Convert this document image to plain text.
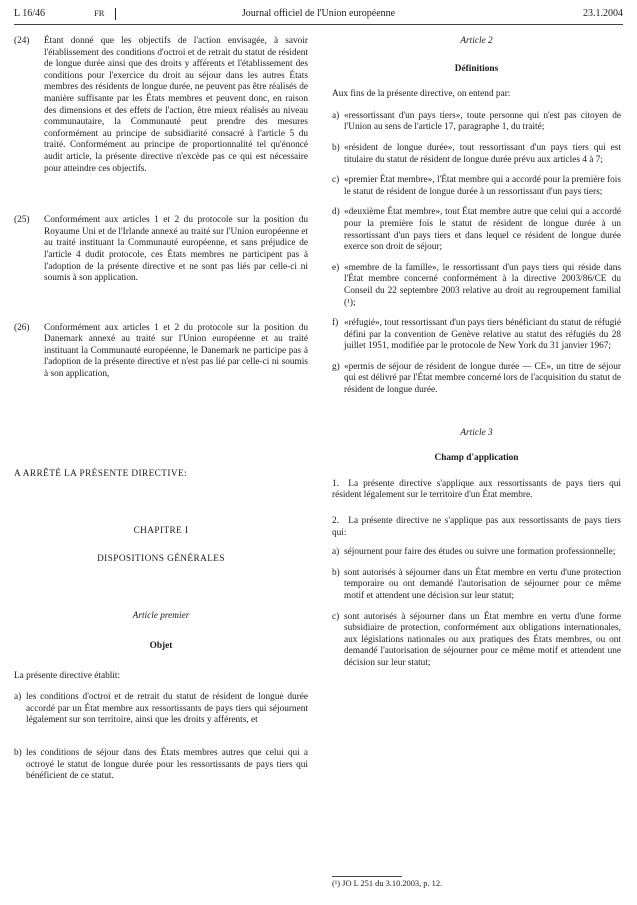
L 16/46	FR	Journal officiel de l'Union européenne	23.1.2004
(24)	Étant donné que les objectifs de l'action envisagée, à savoir l'établissement des conditions d'octroi et de retrait du statut de résident de longue durée ainsi que des droits y afférents et l'établissement des conditions pour l'exercice du droit au séjour dans les autres États membres des résidents de longue durée, ne peuvent pas être réalisés de manière suffisante par les États membres et peuvent donc, en raison des dimensions et des effets de l'action, être mieux réalisés au niveau communautaire, la Communauté peut prendre des mesures conformément au principe de subsidiarité consacré à l'article 5 du traité. Conformément au principe de proportionnalité tel qu'énoncé audit article, la présente directive n'excède pas ce qui est nécessaire pour atteindre ces objectifs.
(25)	Conformément aux articles 1 et 2 du protocole sur la position du Royaume Uni et de l'Irlande annexé au traité sur l'Union européenne et au traité instituant la Communauté européenne, et sans préjudice de l'article 4 dudit protocole, ces États membres ne participent pas à l'adoption de la présente directive et ne sont pas liés par celle-ci ni soumis à son application.
(26)	Conformément aux articles 1 et 2 du protocole sur la position du Danemark annexé au traité sur l'Union européenne et au traité instituant la Communauté européenne, le Danemark ne participe pas à l'adoption de la présente directive et n'est pas lié par celle-ci ni soumis à son application,

A ARRÊTÉ LA PRÉSENTE DIRECTIVE:

CHAPITRE I

DISPOSITIONS GÉNÉRALES

Article premier

Objet

La présente directive établit:

a) les conditions d'octroi et de retrait du statut de résident de longue durée accordé par un État membre aux ressortissants de pays tiers qui séjournent légalement sur son territoire, ainsi que les droits y afférents, et
b) les conditions de séjour dans des États membres autres que celui qui a octroyé le statut de longue durée pour les ressortissants de pays tiers qui bénéficient de ce statut.

Article 2

Définitions

Aux fins de la présente directive, on entend par:

a) «ressortissant d'un pays tiers», toute personne qui n'est pas citoyen de l'Union au sens de l'article 17, paragraphe 1, du traité;
b) «résident de longue durée», tout ressortissant d'un pays tiers qui est titulaire du statut de résident de longue durée prévu aux articles 4 à 7;
c) «premier État membre», l'État membre qui a accordé pour la première fois le statut de résident de longue durée à un ressortissant d'un pays tiers;
d) «deuxième État membre», tout État membre autre que celui qui a accordé pour la première fois le statut de résident de longue durée à un ressortissant d'un pays tiers et dans lequel ce résident de longue durée exerce son droit de séjour;
e) «membre de la famille», le ressortissant d'un pays tiers qui réside dans l'État membre concerné conformément à la directive 2003/86/CE du Conseil du 22 septembre 2003 relative au droit au regroupement familial (¹);
f) «réfugié», tout ressortissant d'un pays tiers bénéficiant du statut de réfugié défini par la convention de Genève relative au statut des réfugiés du 28 juillet 1951, modifiée par le protocole de New York du 31 janvier 1967;
g) «permis de séjour de résident de longue durée — CE», un titre de séjour qui est délivré par l'État membre concerné lors de l'acquisition du statut de résident de longue durée.

Article 3

Champ d'application

1. La présente directive s'applique aux ressortissants de pays tiers qui résident légalement sur le territoire d'un État membre.

2. La présente directive ne s'applique pas aux ressortissants de pays tiers qui:

a) séjournent pour faire des études ou suivre une formation professionnelle;
b) sont autorisés à séjourner dans un État membre en vertu d'une protection temporaire ou ont demandé l'autorisation de séjourner pour ce même motif et attendent une décision sur leur statut;
c) sont autorisés à séjourner dans un État membre en vertu d'une forme subsidiaire de protection, conformément aux obligations internationales, aux législations nationales ou aux pratiques des États membres, ou ont demandé l'autorisation de séjourner pour ce même motif et attendent une décision sur leur statut;
(¹) JO L 251 du 3.10.2003, p. 12.
